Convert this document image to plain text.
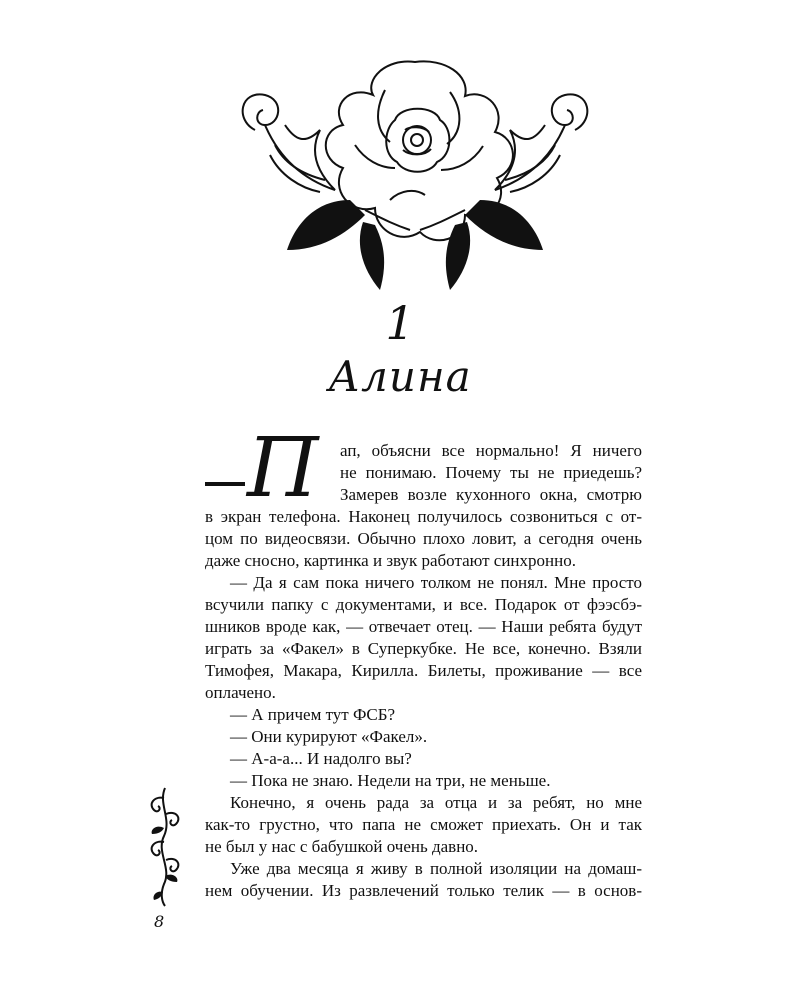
1
Алина
П ап, объясни все нормально! Я ничего
не понимаю. Почему ты не приедешь?
Замерев возле кухонного окна, смотрю
в экран телефона. Наконец получилось созвониться с от-
цом по видеосвязи. Обычно плохо ловит, а сегодня очень
даже сносно, картинка и звук работают синхронно.
— Да я сам пока ничего толком не понял. Мне просто
всучили папку с документами, и все. Подарок от фээсбэ-
шников вроде как, — отвечает отец. — Наши ребята будут
играть за «Факел» в Суперкубке. Не все, конечно. Взяли
Тимофея, Макара, Кирилла. Билеты, проживание — все
оплачено.
— А причем тут ФСБ?
— Они курируют «Факел».
— А-а-а... И надолго вы?
— Пока не знаю. Недели на три, не меньше.
Конечно, я очень рада за отца и за ребят, но мне
как-то грустно, что папа не сможет приехать. Он и так
не был у нас с бабушкой очень давно.
Уже два месяца я живу в полной изоляции на домаш-
нем обучении. Из развлечений только телик — в основ-
8
